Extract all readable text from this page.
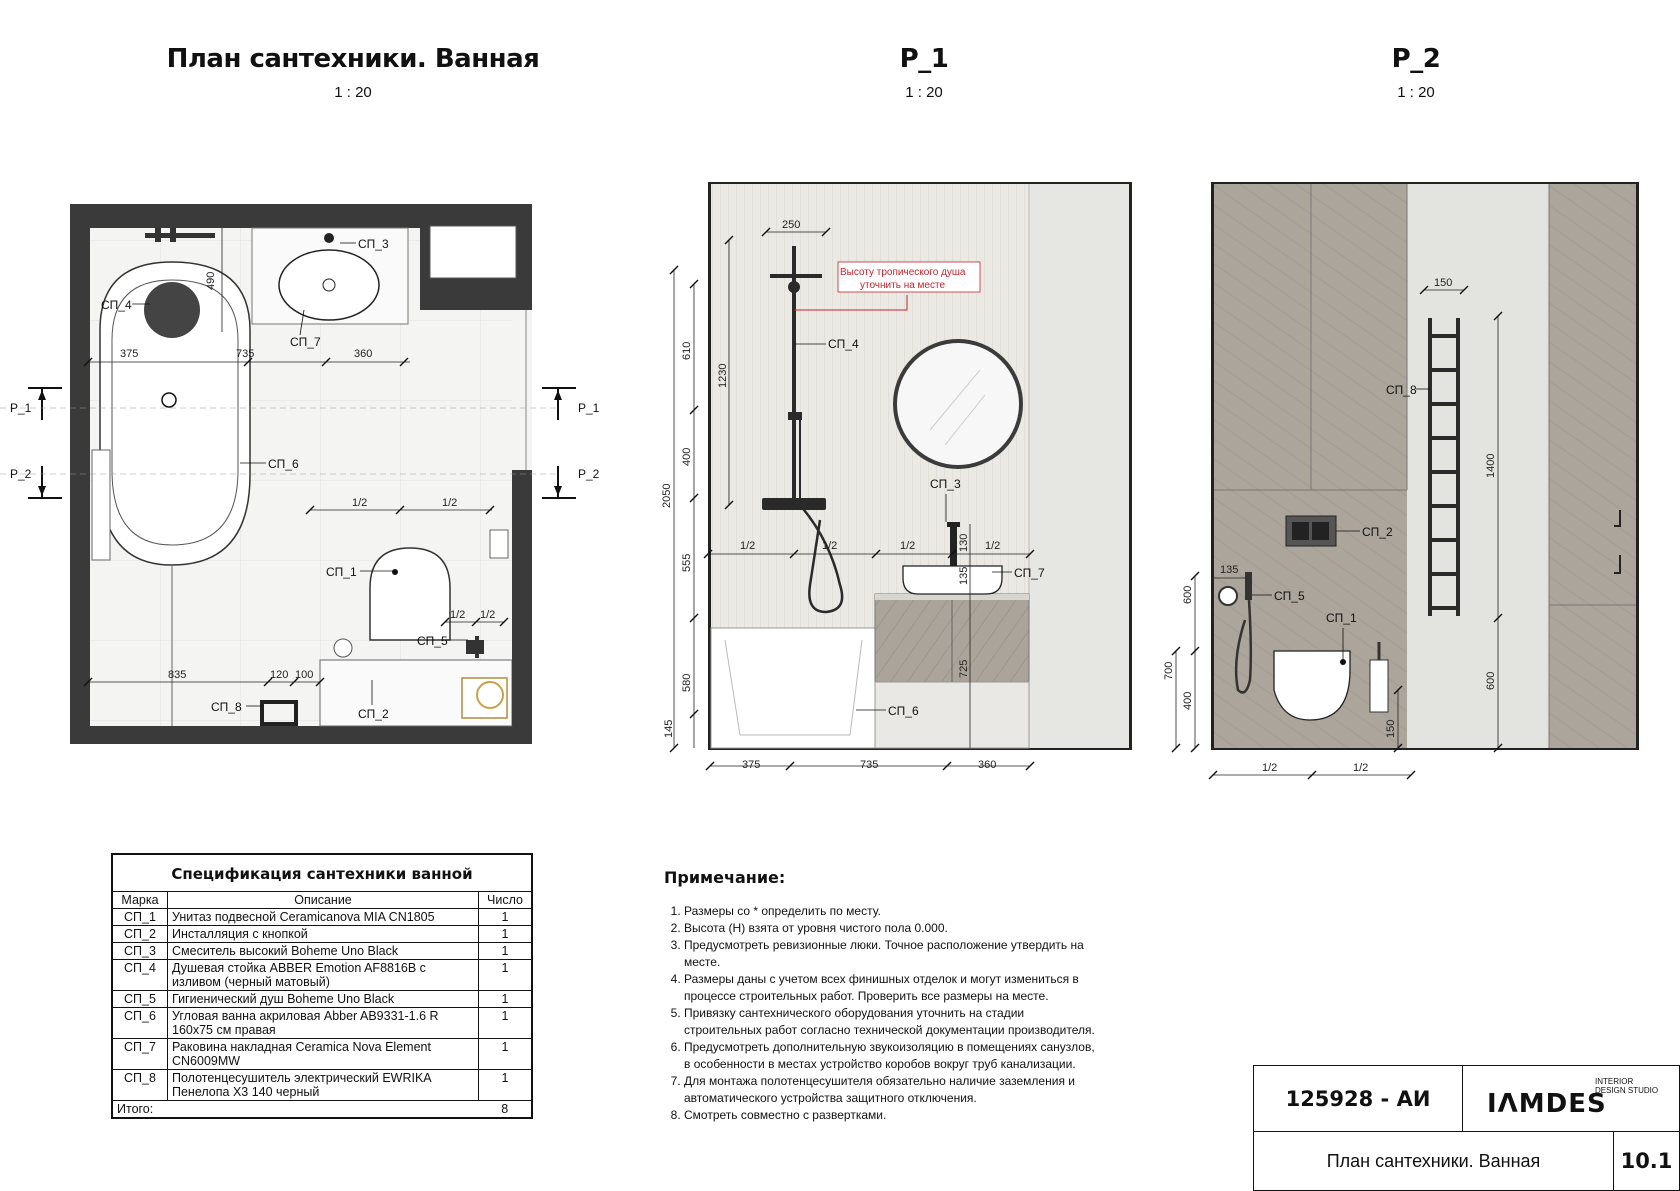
План сантехники. Ванная
1 : 20
Р_1
1 : 20
Р_2
1 : 20
Р_1
Р_2
Р_1
Р_2
375	735	360
490
1/2	1/2
1/2 1/2
835	120 100
СП_4
СП_3
СП_7
СП_6
СП_1
СП_5
СП_2
СП_8
Высоту тропического душа
уточнить на месте
250
375	735	360
2050
610
400
555
580
145
1230
130
135
725
1/2	1/2	1/2	1/2
СП_4
СП_3
СП_7
СП_6
150
1/2	1/2
135
600
700
400
1400
600
150
СП_8
СП_2
СП_5
СП_1
Спецификация сантехники ванной		
Марка	Описание	Число
СП_1	Унитаз подвесной Ceramicanova MIA CN1805	1
СП_2	Инсталляция с кнопкой	1
СП_3	Смеситель высокий Boheme Uno Black	1
СП_4	Душевая стойка ABBER Emotion AF8816B с изливом (черный матовый)	1
СП_5	Гигиенический душ Boheme Uno Black	1
СП_6	Угловая ванна акриловая Abber AB9331-1.6 R 160x75 см правая	1
СП_7	Раковина накладная Ceramica Nova Element CN6009MW	1
СП_8	Полотенцесушитель электрический EWRIKA Пенелопа Х3 140 черный	1
Итого:		8
Примечание:
1. Размеры со * определить по месту.
2. Высота (Н) взята от уровня чистого пола 0.000.
3. Предусмотреть ревизионные люки. Точное расположение утвердить на месте.
4. Размеры даны с учетом всех финишных отделок и могут измениться в процессе строительных работ. Проверить все размеры на месте.
5. Привязку сантехнического оборудования уточнить на стадии строительных работ согласно технической документации производителя.
6. Предусмотреть дополнительную звукоизоляцию в помещениях санузлов, в особенности в местах устройство коробов вокруг труб канализации.
7. Для монтажа полотенцесушителя обязательно наличие заземления и автоматического устройства защитного отключения.
8. Смотреть совместно с развертками.
125928 - АИ IΛMDES
INTERIOR
DESIGN STUDIO
План сантехники. Ванная	10.1
